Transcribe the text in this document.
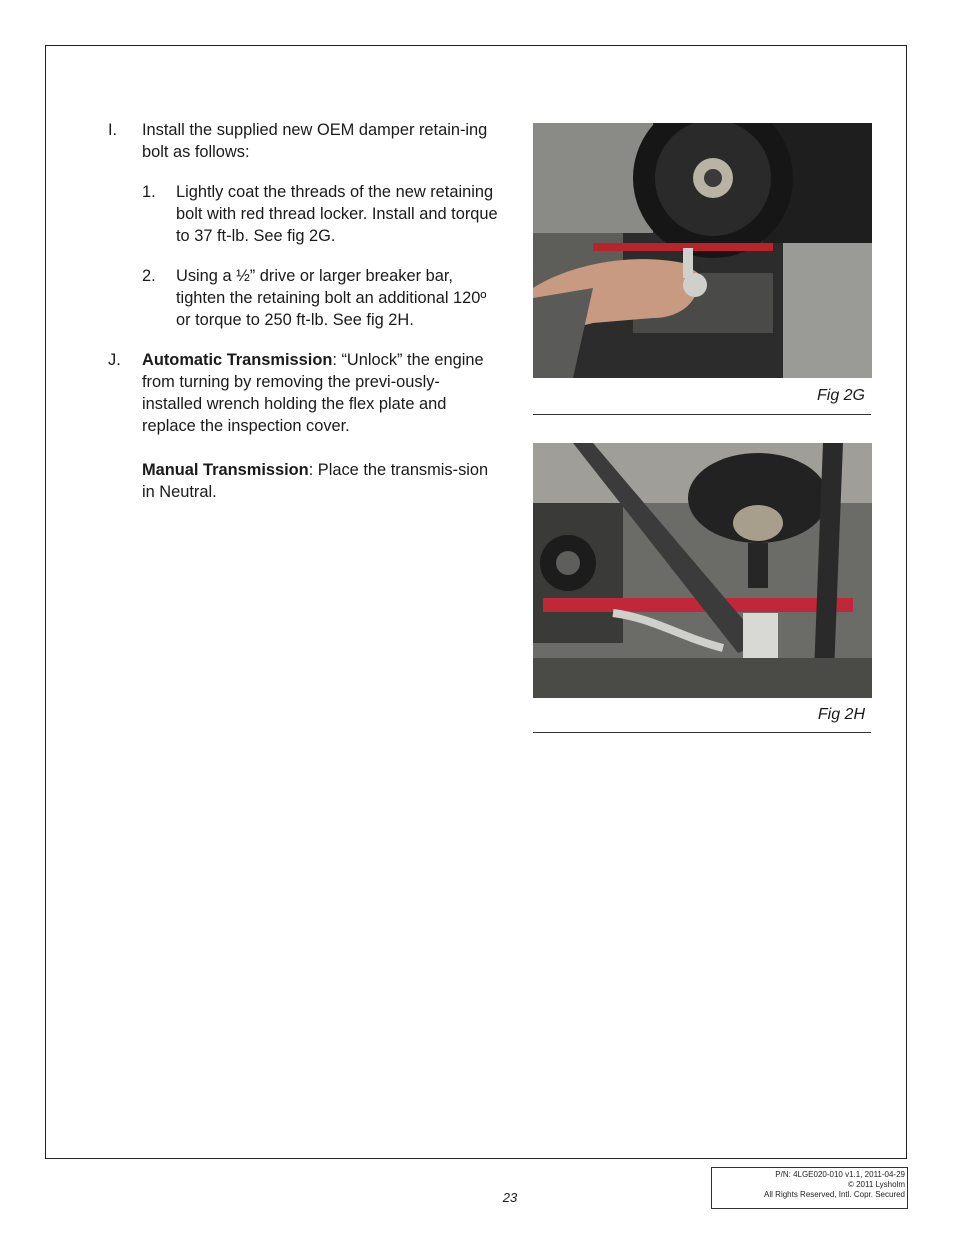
I. Install the supplied new OEM damper retain-ing bolt as follows:
1. Lightly coat the threads of the new retaining bolt with red thread locker. Install and torque to 37 ft-lb. See fig 2G.
2. Using a ½” drive or larger breaker bar, tighten the retaining bolt an additional 120º or torque to 250 ft-lb. See fig 2H.
J. Automatic Transmission: “Unlock” the engine from turning by removing the previ-ously-installed wrench holding the flex plate and replace the inspection cover.
Manual Transmission: Place the transmis-sion in Neutral.
Fig 2G
Fig 2H
23
P/N: 4LGE020-010 v1.1, 2011-04-29
© 2011 Lysholm
All Rights Reserved, Intl. Copr. Secured
